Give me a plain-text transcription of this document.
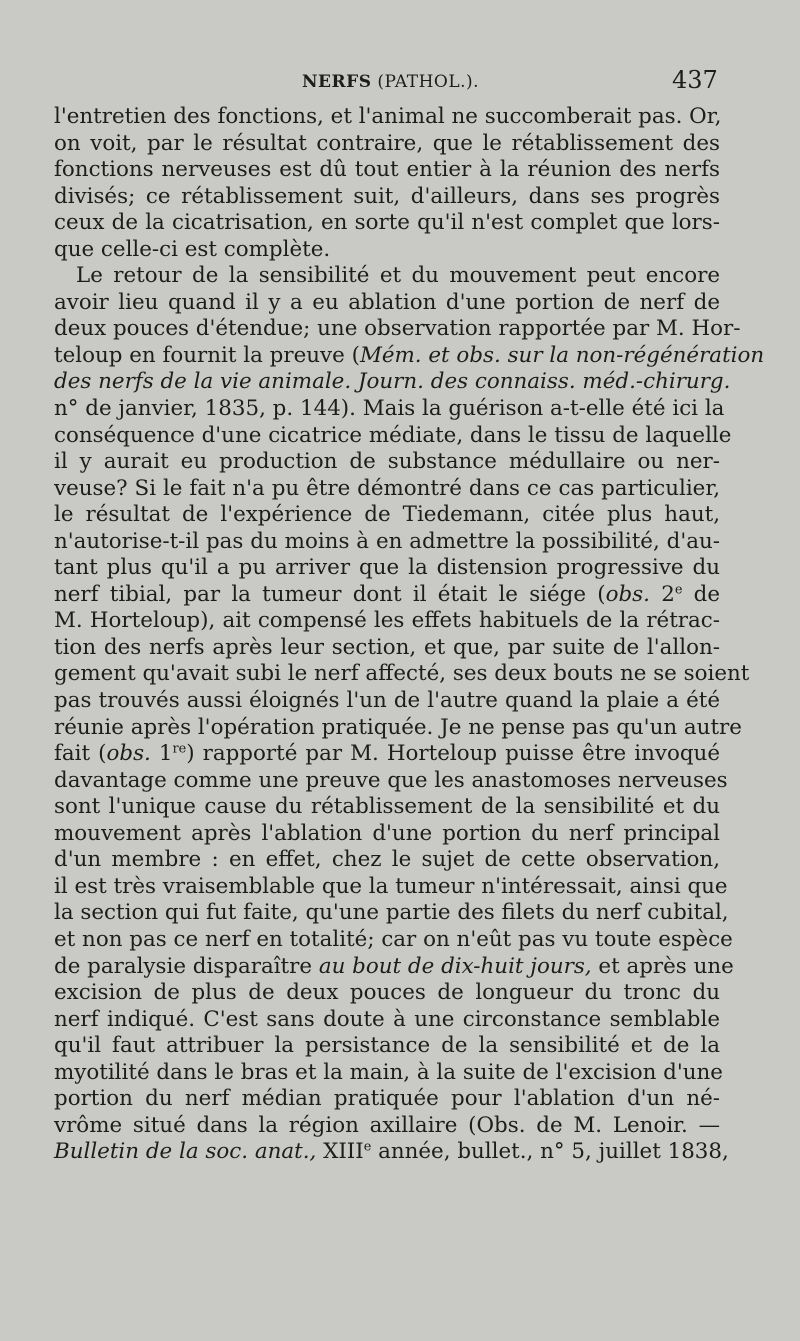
NERFS (PATHOL.).	437

l'entretien des fonctions, et l'animal ne succomberait pas. Or,

on voit, par le résultat contraire, que le rétablissement des

fonctions nerveuses est dû tout entier à la réunion des nerfs

divisés; ce rétablissement suit, d'ailleurs, dans ses progrès

ceux de la cicatrisation, en sorte qu'il n'est complet que lors-

que celle-ci est complète.

Le retour de la sensibilité et du mouvement peut encore

avoir lieu quand il y a eu ablation d'une portion de nerf de

deux pouces d'étendue; une observation rapportée par M. Hor-

teloup en fournit la preuve (Mém. et obs. sur la non-régénération

des nerfs de la vie animale. Journ. des connaiss. méd.-chirurg.

n° de janvier, 1835, p. 144). Mais la guérison a-t-elle été ici la

conséquence d'une cicatrice médiate, dans le tissu de laquelle

il y aurait eu production de substance médullaire ou ner-

veuse? Si le fait n'a pu être démontré dans ce cas particulier,

le résultat de l'expérience de Tiedemann, citée plus haut,

n'autorise-t-il pas du moins à en admettre la possibilité, d'au-

tant plus qu'il a pu arriver que la distension progressive du

nerf tibial, par la tumeur dont il était le siége (obs. 2e de

M. Horteloup), ait compensé les effets habituels de la rétrac-

tion des nerfs après leur section, et que, par suite de l'allon-

gement qu'avait subi le nerf affecté, ses deux bouts ne se soient

pas trouvés aussi éloignés l'un de l'autre quand la plaie a été

réunie après l'opération pratiquée. Je ne pense pas qu'un autre

fait (obs. 1re) rapporté par M. Horteloup puisse être invoqué

davantage comme une preuve que les anastomoses nerveuses

sont l'unique cause du rétablissement de la sensibilité et du

mouvement après l'ablation d'une portion du nerf principal

d'un membre : en effet, chez le sujet de cette observation,

il est très vraisemblable que la tumeur n'intéressait, ainsi que

la section qui fut faite, qu'une partie des filets du nerf cubital,

et non pas ce nerf en totalité; car on n'eût pas vu toute espèce

de paralysie disparaître au bout de dix-huit jours, et après une

excision de plus de deux pouces de longueur du tronc du

nerf indiqué. C'est sans doute à une circonstance semblable

qu'il faut attribuer la persistance de la sensibilité et de la

myotilité dans le bras et la main, à la suite de l'excision d'une

portion du nerf médian pratiquée pour l'ablation d'un né-

vrôme situé dans la région axillaire (Obs. de M. Lenoir. —

Bulletin de la soc. anat., XIIIe année, bullet., n° 5, juillet 1838,
